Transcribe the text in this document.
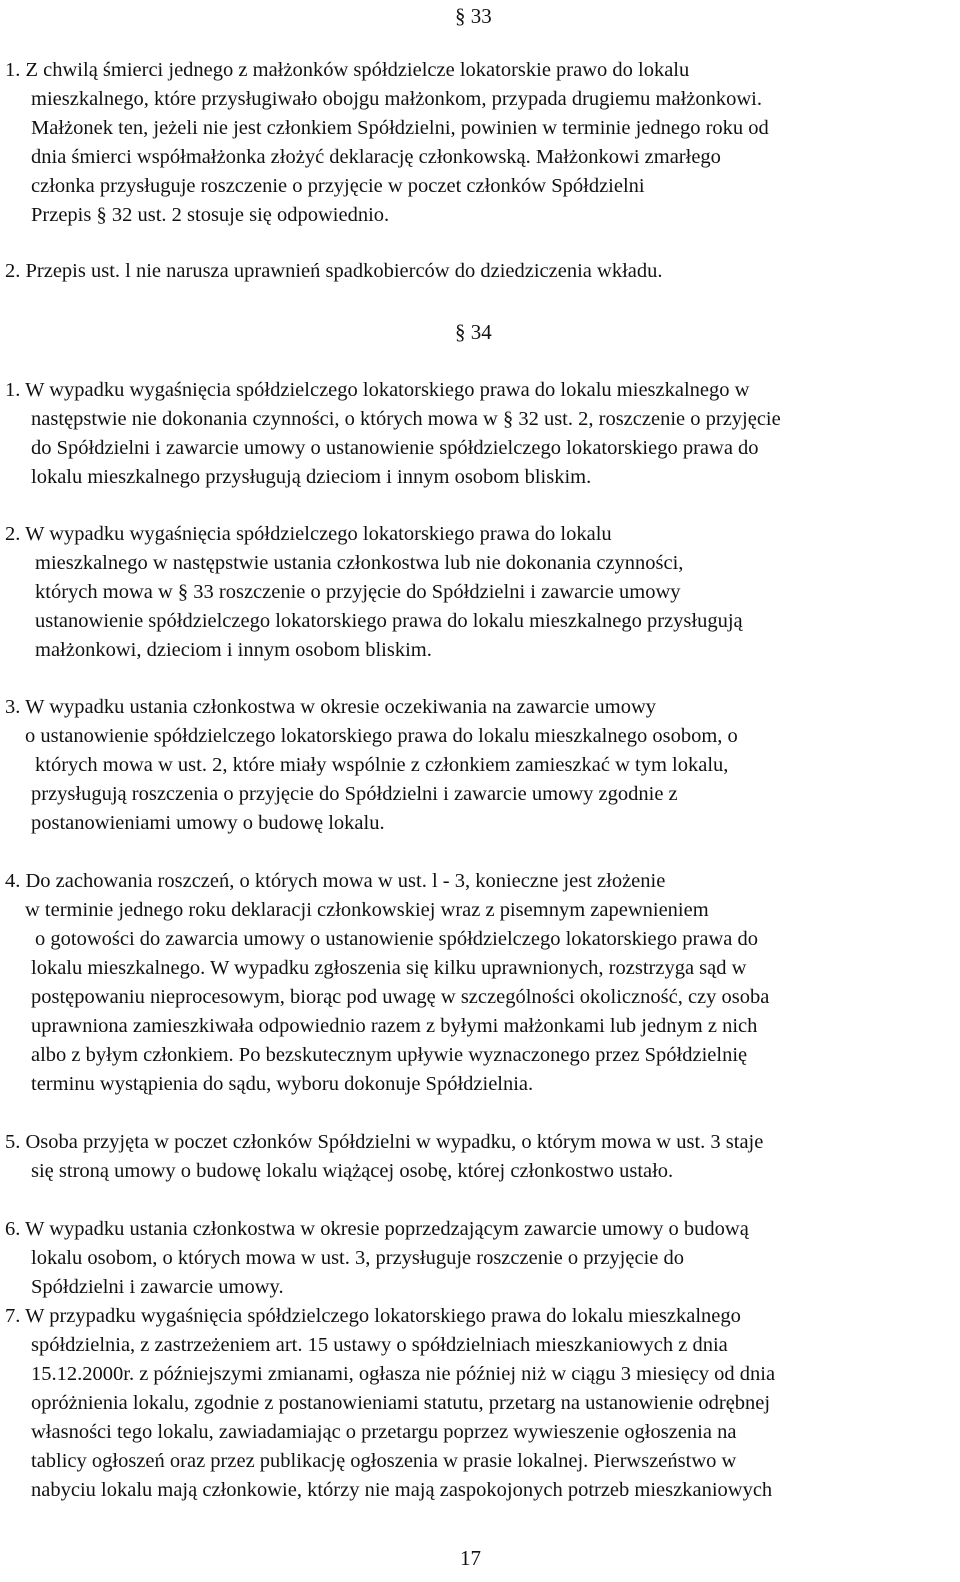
§ 33
1. Z chwilą śmierci jednego z małżonków spółdzielcze lokatorskie prawo do lokalu
mieszkalnego, które przysługiwało obojgu małżonkom, przypada drugiemu małżonkowi.
Małżonek ten, jeżeli nie jest członkiem Spółdzielni, powinien w terminie jednego roku od
dnia śmierci współmałżonka złożyć deklarację członkowską. Małżonkowi zmarłego
członka przysługuje roszczenie o przyjęcie w poczet członków Spółdzielni
Przepis § 32 ust. 2 stosuje się odpowiednio.
2. Przepis ust. l nie narusza uprawnień spadkobierców do dziedziczenia wkładu.
§ 34
1. W wypadku wygaśnięcia spółdzielczego lokatorskiego prawa do lokalu mieszkalnego w
następstwie nie dokonania czynności, o których mowa w § 32 ust. 2, roszczenie o przyjęcie
do Spółdzielni i zawarcie umowy o ustanowienie spółdzielczego lokatorskiego prawa do
lokalu mieszkalnego przysługują dzieciom i innym osobom bliskim.
2. W wypadku wygaśnięcia spółdzielczego lokatorskiego prawa do lokalu
mieszkalnego w następstwie ustania członkostwa lub nie dokonania czynności,
których mowa w § 33 roszczenie o przyjęcie do Spółdzielni i zawarcie umowy
ustanowienie spółdzielczego lokatorskiego prawa do lokalu mieszkalnego przysługują
małżonkowi, dzieciom i innym osobom bliskim.
3. W wypadku ustania członkostwa w okresie oczekiwania na zawarcie umowy
o ustanowienie spółdzielczego lokatorskiego prawa do lokalu mieszkalnego osobom, o
których mowa w ust. 2, które miały wspólnie z członkiem zamieszkać w tym lokalu,
przysługują roszczenia o przyjęcie do Spółdzielni i zawarcie umowy zgodnie z
postanowieniami umowy o budowę lokalu.
4. Do zachowania roszczeń, o których mowa w ust. l - 3, konieczne jest złożenie
w terminie jednego roku deklaracji członkowskiej wraz z pisemnym zapewnieniem
o gotowości do zawarcia umowy o ustanowienie spółdzielczego lokatorskiego prawa do
lokalu mieszkalnego. W wypadku zgłoszenia się kilku uprawnionych, rozstrzyga sąd w
postępowaniu nieprocesowym, biorąc pod uwagę w szczególności okoliczność, czy osoba
uprawniona zamieszkiwała odpowiednio razem z byłymi małżonkami lub jednym z nich
albo z byłym członkiem. Po bezskutecznym upływie wyznaczonego przez Spółdzielnię
terminu wystąpienia do sądu, wyboru dokonuje Spółdzielnia.
5. Osoba przyjęta w poczet członków Spółdzielni w wypadku, o którym mowa w ust. 3 staje
się stroną umowy o budowę lokalu wiążącej osobę, której członkostwo ustało.
6. W wypadku ustania członkostwa w okresie poprzedzającym zawarcie umowy o budową
lokalu osobom, o których mowa w ust. 3, przysługuje roszczenie o przyjęcie do
Spółdzielni i zawarcie umowy.
7. W przypadku wygaśnięcia spółdzielczego lokatorskiego prawa do lokalu mieszkalnego
spółdzielnia, z zastrzeżeniem art. 15 ustawy o spółdzielniach mieszkaniowych z dnia
15.12.2000r. z późniejszymi zmianami, ogłasza nie później niż w ciągu 3 miesięcy od dnia
opróżnienia lokalu, zgodnie z postanowieniami statutu, przetarg na ustanowienie odrębnej
własności tego lokalu, zawiadamiając o przetargu poprzez wywieszenie ogłoszenia na
tablicy ogłoszeń oraz przez publikację ogłoszenia w prasie lokalnej. Pierwszeństwo w
nabyciu lokalu mają członkowie, którzy nie mają zaspokojonych potrzeb mieszkaniowych
17
